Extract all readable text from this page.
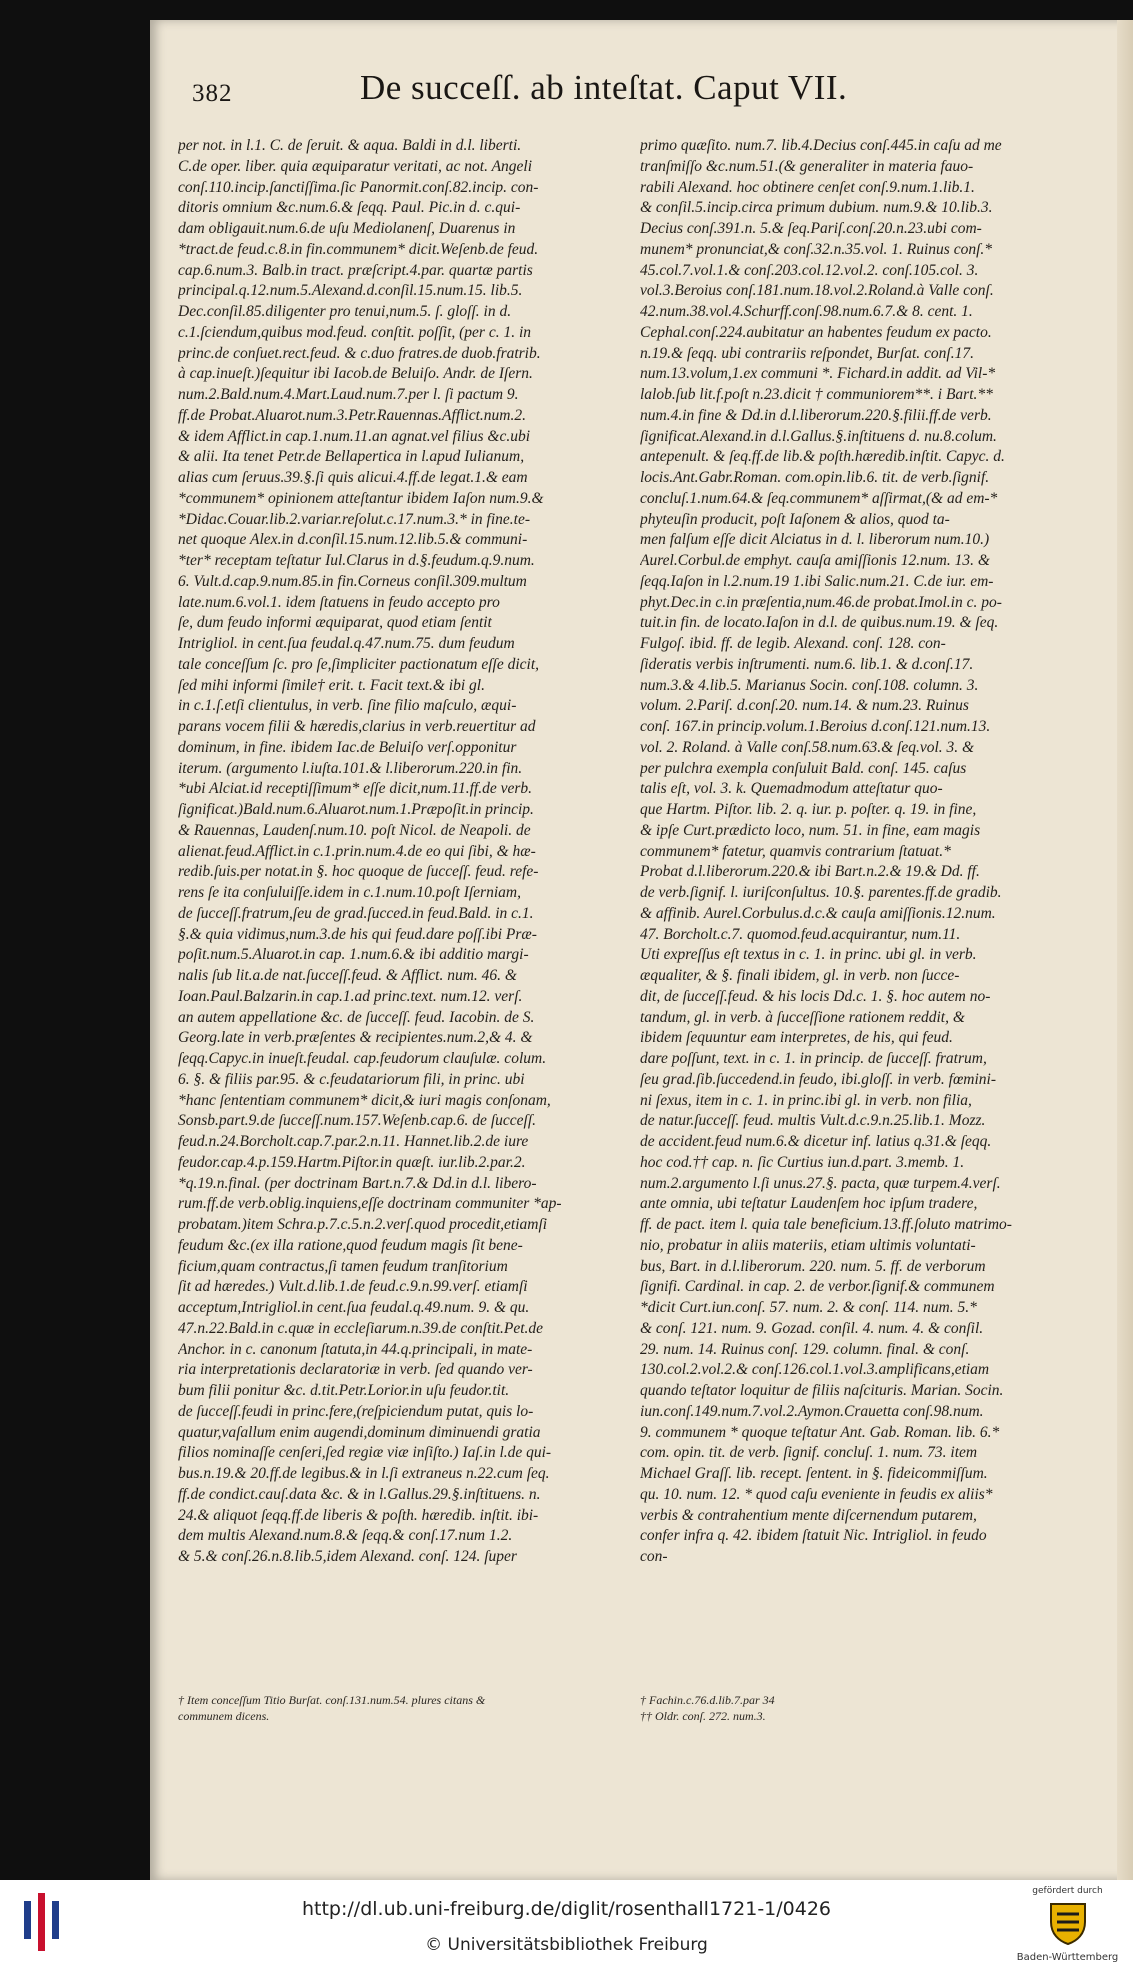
382	De succeſſ. ab inteſtat. Caput VII.
per not. in l.1. C. de ſeruit. & aqua. Baldi in d.l. liberti.
C.de oper. liber. quia æquiparatur veritati, ac not. Angeli
conſ.110.incip.ſanctiſſima.ſic Panormit.conſ.82.incip. con-
ditoris omnium &c.num.6.& ſeqq. Paul. Pic.in d. c.qui-
dam obligauit.num.6.de uſu Mediolanenſ, Duarenus in
*tract.de feud.c.8.in fin.communem* dicit.Weſenb.de feud.
cap.6.num.3. Balb.in tract. præſcript.4.par. quartæ partis
principal.q.12.num.5.Alexand.d.conſil.15.num.15. lib.5.
Dec.conſil.85.diligenter pro tenui,num.5. ſ. gloſſ. in d.
c.1.ſciendum,quibus mod.feud. conſtit. poſſit, (per c. 1. in
princ.de conſuet.rect.feud. & c.duo fratres.de duob.fratrib.
à cap.inueſt.)ſequitur ibi Iacob.de Beluiſo. Andr. de Iſern.
num.2.Bald.num.4.Mart.Laud.num.7.per l. ſi pactum 9.
ff.de Probat.Aluarot.num.3.Petr.Rauennas.Afflict.num.2.
& idem Afflict.in cap.1.num.11.an agnat.vel filius &c.ubi
& alii. Ita tenet Petr.de Bellapertica in l.apud Iulianum,
alias cum ſeruus.39.§.ſi quis alicui.4.ff.de legat.1.& eam
*communem* opinionem atteſtantur ibidem Iaſon num.9.&
*Didac.Couar.lib.2.variar.reſolut.c.17.num.3.* in fine.te-
net quoque Alex.in d.conſil.15.num.12.lib.5.& communi-
*ter* receptam teſtatur Iul.Clarus in d.§.feudum.q.9.num.
6. Vult.d.cap.9.num.85.in fin.Corneus conſil.309.multum
late.num.6.vol.1. idem ſtatuens in feudo accepto pro
ſe, dum feudo informi æquiparat, quod etiam ſentit
Intrigliol. in cent.ſua feudal.q.47.num.75. dum feudum
tale conceſſum ſc. pro ſe,ſimpliciter pactionatum eſſe dicit,
ſed mihi informi ſimile† erit. t. Facit text.& ibi gl.
in c.1.ſ.etſi clientulus, in verb. ſine filio maſculo, æqui-
parans vocem filii & hæredis,clarius in verb.reuertitur ad
dominum, in fine. ibidem Iac.de Beluiſo verſ.opponitur
iterum. (argumento l.iuſta.101.& l.liberorum.220.in fin.
*ubi Alciat.id receptiſſimum* eſſe dicit,num.11.ff.de verb.
ſignificat.)Bald.num.6.Aluarot.num.1.Præpoſit.in princip.
& Rauennas, Laudenſ.num.10. poſt Nicol. de Neapoli. de
alienat.feud.Afflict.in c.1.prin.num.4.de eo qui ſibi, & hæ-
redib.ſuis.per notat.in §. hoc quoque de ſucceſſ. feud. refe-
rens ſe ita conſuluiſſe.idem in c.1.num.10.poſt Iſerniam,
de ſucceſſ.fratrum,ſeu de grad.ſucced.in feud.Bald. in c.1.
§.& quia vidimus,num.3.de his qui feud.dare poſſ.ibi Præ-
poſit.num.5.Aluarot.in cap. 1.num.6.& ibi additio margi-
nalis ſub lit.a.de nat.ſucceſſ.feud. & Afflict. num. 46. &
Ioan.Paul.Balzarin.in cap.1.ad princ.text. num.12. verſ.
an autem appellatione &c. de ſucceſſ. feud. Iacobin. de S.
Georg.late in verb.præſentes & recipientes.num.2,& 4. &
ſeqq.Capyc.in inueſt.feudal. cap.feudorum clauſulæ. colum.
6. §. & filiis par.95. & c.feudatariorum fili, in princ. ubi
*hanc ſententiam communem* dicit,& iuri magis conſonam,
Sonsb.part.9.de ſucceſſ.num.157.Weſenb.cap.6. de ſucceſſ.
feud.n.24.Borcholt.cap.7.par.2.n.11. Hannet.lib.2.de iure
feudor.cap.4.p.159.Hartm.Piſtor.in quæſt. iur.lib.2.par.2.
*q.19.n.final. (per doctrinam Bart.n.7.& Dd.in d.l. libero-
rum.ff.de verb.oblig.inquiens,eſſe doctrinam communiter *ap-
probatam.)item Schra.p.7.c.5.n.2.verſ.quod procedit,etiamſi
feudum &c.(ex illa ratione,quod feudum magis ſit bene-
ficium,quam contractus,ſi tamen feudum tranſitorium
ſit ad hæredes.) Vult.d.lib.1.de feud.c.9.n.99.verſ. etiamſi
acceptum,Intrigliol.in cent.ſua feudal.q.49.num. 9. & qu.
47.n.22.Bald.in c.quæ in eccleſiarum.n.39.de conſtit.Pet.de
Anchor. in c. canonum ſtatuta,in 44.q.principali, in mate-
ria interpretationis declaratoriæ in verb. ſed quando ver-
bum filii ponitur &c. d.tit.Petr.Lorior.in uſu feudor.tit.
de ſucceſſ.feudi in princ.fere,(reſpiciendum putat, quis lo-
quatur,vaſallum enim augendi,dominum diminuendi gratia
filios nominaſſe cenſeri,ſed regiæ viæ inſiſto.) Iaſ.in l.de qui-
bus.n.19.& 20.ff.de legibus.& in l.ſi extraneus n.22.cum ſeq.
ff.de condict.cauſ.data &c. & in l.Gallus.29.§.inſtituens. n.
24.& aliquot ſeqq.ff.de liberis & poſth. hæredib. inſtit. ibi-
dem multis Alexand.num.8.& ſeqq.& conſ.17.num 1.2.
& 5.& conſ.26.n.8.lib.5,idem Alexand. conſ. 124. ſuper
primo quæſito. num.7. lib.4.Decius conſ.445.in caſu ad me
tranſmiſſo &c.num.51.(& generaliter in materia fauo-
rabili Alexand. hoc obtinere cenſet conſ.9.num.1.lib.1.
& conſil.5.incip.circa primum dubium. num.9.& 10.lib.3.
Decius conſ.391.n. 5.& ſeq.Pariſ.conſ.20.n.23.ubi com-
munem* pronunciat,& conſ.32.n.35.vol. 1. Ruinus conſ.*
45.col.7.vol.1.& conſ.203.col.12.vol.2. conſ.105.col. 3.
vol.3.Beroius conſ.181.num.18.vol.2.Roland.à Valle conſ.
42.num.38.vol.4.Schurff.conſ.98.num.6.7.& 8. cent. 1.
Cephal.conſ.224.aubitatur an habentes feudum ex pacto.
n.19.& ſeqq. ubi contrariis reſpondet, Burſat. conſ.17.
num.13.volum,1.ex communi *. Fichard.in addit. ad Vil-*
lalob.ſub lit.f.poſt n.23.dicit † communiorem**. i Bart.**
num.4.in fine & Dd.in d.l.liberorum.220.§.filii.ff.de verb.
ſignificat.Alexand.in d.l.Gallus.§.inſtituens d. nu.8.colum.
antepenult. & ſeq.ff.de lib.& poſth.hæredib.inſtit. Capyc. d.
locis.Ant.Gabr.Roman. com.opin.lib.6. tit. de verb.ſignif.
concluſ.1.num.64.& ſeq.communem* aſſirmat,(& ad em-*
phyteuſin producit, poſt Iaſonem & alios, quod ta-
men falſum eſſe dicit Alciatus in d. l. liberorum num.10.)
Aurel.Corbul.de emphyt. cauſa amiſſionis 12.num. 13. &
ſeqq.Iaſon in l.2.num.19 1.ibi Salic.num.21. C.de iur. em-
phyt.Dec.in c.in præſentia,num.46.de probat.Imol.in c. po-
tuit.in fin. de locato.Iaſon in d.l. de quibus.num.19. & ſeq.
Fulgoſ. ibid. ff. de legib. Alexand. conſ. 128. con-
ſideratis verbis inſtrumenti. num.6. lib.1. & d.conſ.17.
num.3.& 4.lib.5. Marianus Socin. conſ.108. column. 3.
volum. 2.Pariſ. d.conſ.20. num.14. & num.23. Ruinus
conſ. 167.in princip.volum.1.Beroius d.conſ.121.num.13.
vol. 2. Roland. à Valle conſ.58.num.63.& ſeq.vol. 3. &
per pulchra exempla conſuluit Bald. conſ. 145. caſus
talis eſt, vol. 3. k. Quemadmodum atteſtatur quo-
que Hartm. Piſtor. lib. 2. q. iur. p. poſter. q. 19. in fine,
& ipſe Curt.prædicto loco, num. 51. in fine, eam magis
communem* fatetur, quamvis contrarium ſtatuat.*
Probat d.l.liberorum.220.& ibi Bart.n.2.& 19.& Dd. ff.
de verb.ſignif. l. iuriſconſultus. 10.§. parentes.ff.de gradib.
& affinib. Aurel.Corbulus.d.c.& cauſa amiſſionis.12.num.
47. Borcholt.c.7. quomod.feud.acquirantur, num.11.
Uti expreſſus eſt textus in c. 1. in princ. ubi gl. in verb.
æqualiter, & §. finali ibidem, gl. in verb. non ſucce-
dit, de ſucceſſ.feud. & his locis Dd.c. 1. §. hoc autem no-
tandum, gl. in verb. à ſucceſſione rationem reddit, &
ibidem ſequuntur eam interpretes, de his, qui feud.
dare poſſunt, text. in c. 1. in princip. de ſucceſſ. fratrum,
ſeu grad.ſib.ſuccedend.in feudo, ibi.gloſſ. in verb. fœmini-
ni ſexus, item in c. 1. in princ.ibi gl. in verb. non filia,
de natur.ſucceſſ. feud. multis Vult.d.c.9.n.25.lib.1. Mozz.
de accident.feud num.6.& dicetur inf. latius q.31.& ſeqq.
hoc cod.†† cap. n. ſic Curtius iun.d.part. 3.memb. 1.
num.2.argumento l.ſi unus.27.§. pacta, quæ turpem.4.verſ.
ante omnia, ubi teſtatur Laudenſem hoc ipſum tradere,
ff. de pact. item l. quia tale beneficium.13.ff.ſoluto matrimo-
nio, probatur in aliis materiis, etiam ultimis voluntati-
bus, Bart. in d.l.liberorum. 220. num. 5. ff. de verborum
ſignifi. Cardinal. in cap. 2. de verbor.ſignif.& communem
*dicit Curt.iun.conſ. 57. num. 2. & conſ. 114. num. 5.*
& conſ. 121. num. 9. Gozad. conſil. 4. num. 4. & conſil.
29. num. 14. Ruinus conſ. 129. column. final. & conſ.
130.col.2.vol.2.& conſ.126.col.1.vol.3.amplificans,etiam
quando teſtator loquitur de filiis naſcituris. Marian. Socin.
iun.conſ.149.num.7.vol.2.Aymon.Crauetta conſ.98.num.
9. communem * quoque teſtatur Ant. Gab. Roman. lib. 6.*
com. opin. tit. de verb. ſignif. concluſ. 1. num. 73. item
Michael Graſſ. lib. recept. ſentent. in §. fideicommiſſum.
qu. 10. num. 12. * quod caſu eveniente in feudis ex aliis*
verbis & contrahentium mente diſcernendum putarem,
confer infra q. 42. ibidem ſtatuit Nic. Intrigliol. in feudo
con-
† Item conceſſum Titio Burſat. conſ.131.num.54. plures citans &
communem dicens.
† Fachin.c.76.d.lib.7.par 34
†† Oldr. conſ. 272. num.3.
http://dl.ub.uni-freiburg.de/diglit/rosenthall1721-1/0426
© Universitätsbibliothek Freiburg
gefördert durch
Baden-Württemberg
